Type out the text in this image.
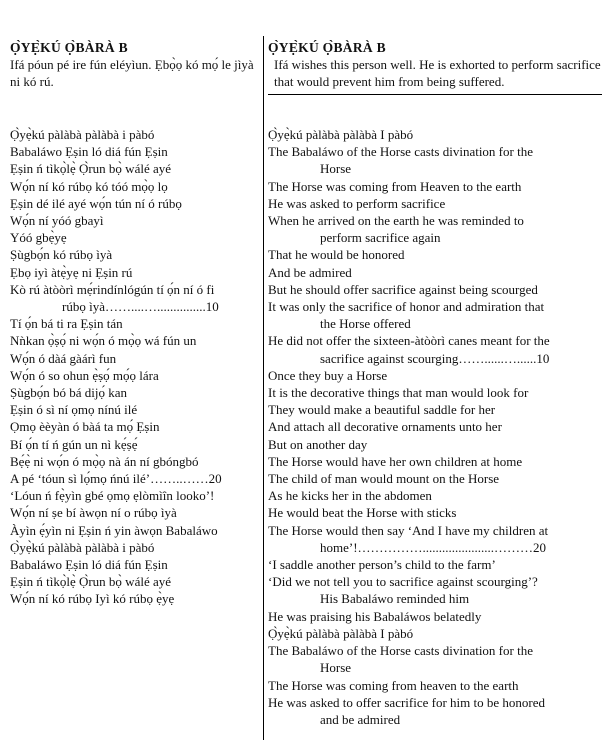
Ọ̀YẸ̀KÚ Ọ̀BÀRÀ B
Ifá póun pé ire fún eléyìun. Ẹbọ̀ọ kó mọ́ le jìyà ni kó rú.
Ọ̀yẹ̀kú pàlàbà pàlàbà i pàbó
Babaláwo Ẹṣin ló diá fún Ẹṣin
Ẹṣin ń tìkọ̀lẹ̀ Ọ̀run bọ̀ wálé ayé
Wọ́n ní kó rúbọ kó tóó mọ̀ọ lọ
Ẹṣin dé ilé ayé wọ́n tún ní ó rúbọ
Wọ́n ní yóó gbayì
Yóó gbẹ̀yẹ
Ṣùgbọ́n kó rúbọ ìyà
Ẹbọ iyì àtẹ̀yẹ ni Ẹṣin rú
Kò rú àtòòrì mẹ́rindínlógún tí ọ́n ní ó fi
rúbọ ìyà……....…...............10
Tí ọ́n bá ti ra Ẹṣin tán
Nǹkan ọ̀ṣọ́ ni wọ́n ó mọ̀ọ wá fún un
Wọ́n ó dàá gàárì fun
Wọ́n ó so ohun ẹ̀ṣọ́ mọ́ọ lára
Ṣùgbọ́n bó bá dijọ́ kan
Ẹṣin ó sì ní ọmọ nínú ilé
Ọmọ èèyàn ó bàá ta mọ́ Ẹṣin
Bí ọ́n tí ń gún un nì kẹ́ṣẹ́
Bẹ́ẹ̀ ni wọ́n ó mọ̀ọ nà án ní gbóngbó
A pé ‘tóun sì lọ́mọ ńnú ilé’……..……20
‘Lóun ń fẹ̀yìn gbé ọmọ ẹlòmìîn looko’!
Wọ́n ní ṣe bí àwọn ní o rúbọ ìyà
Àyìn ẹ́yìn ni Ẹṣin ń yin àwọn Babaláwo
Ọ̀yẹ̀kú pàlàbà pàlàbà i pàbó
Babaláwo Ẹṣin ló diá fún Ẹṣin
Ẹṣin ń tìkọ̀lẹ̀ Ọ̀run bọ̀ wálé ayé
Wọ́n ní kó rúbọ Iyì kó rúbọ ẹ̀yẹ
Ọ̀YẸ̀KÚ Ọ̀BÀRÀ B
Ifá wishes this person well. He is exhorted to perform sacrifice that would prevent him from being suffered.
Ọ̀yẹ̀kú pàlàbà pàlàbà I pàbó
The Babaláwo of the Horse casts divination for the
Horse
The Horse was coming from Heaven to the earth
He was asked to perform sacrifice
When he arrived on the earth he was reminded to
perform sacrifice again
That he would be honored
And be admired
But he should offer sacrifice against being scourged
It was only the sacrifice of honor and admiration that
the Horse offered
He did not offer the sixteen-àtòòrì canes meant for the
sacrifice against scourging……......…......10
Once they buy a Horse
It is the decorative things that man would look for
They would make a beautiful saddle for her
And attach all decorative ornaments unto her
But on another day
The Horse would have her own children at home
The child of man would mount on the Horse
As he kicks her in the abdomen
He would beat the Horse with sticks
The Horse would then say ‘And I have my children at
home’!……………......................………20
‘I saddle another person’s child to the farm’
‘Did we not tell you to sacrifice against scourging’?
His Babaláwo reminded him
He was praising his Babaláwos belatedly
Ọ̀yẹ̀kú pàlàbà pàlàbà I pàbó
The Babaláwo of the Horse casts divination for the
Horse
The Horse was coming from heaven to the earth
He was asked to offer sacrifice for him to be honored
and be admired
